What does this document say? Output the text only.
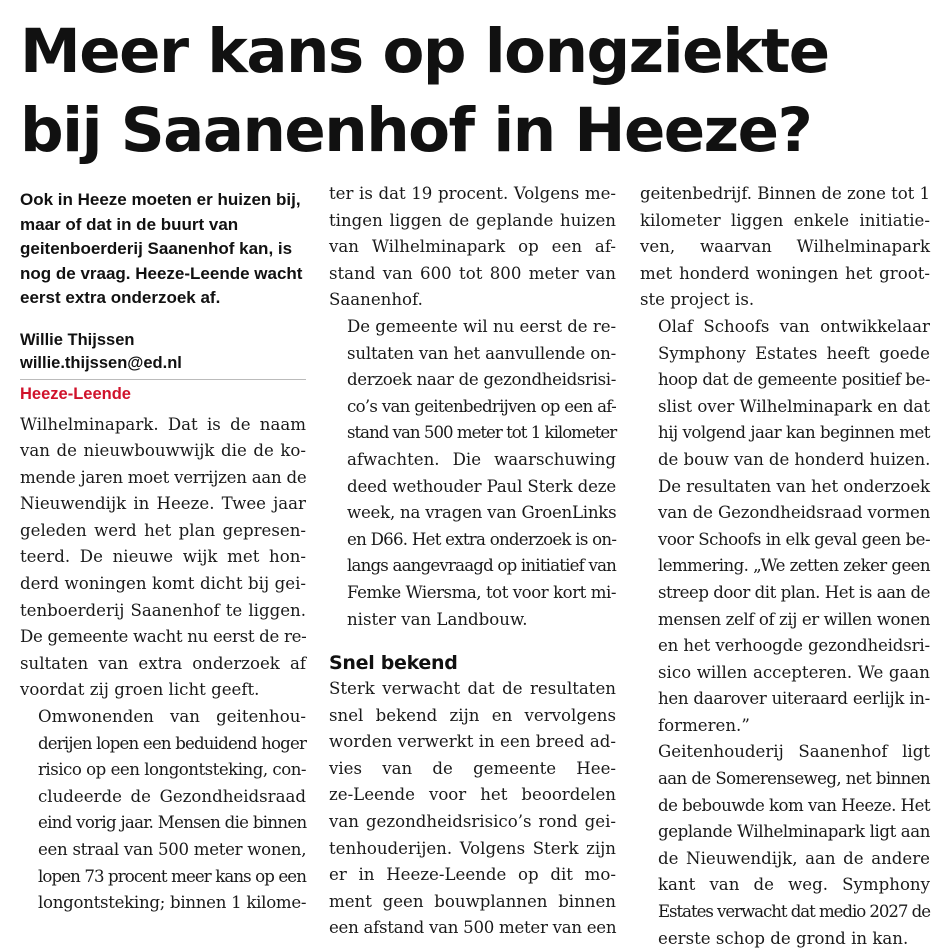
Meer kans op longziekte
bij Saanenhof in Heeze?
Ook in Heeze moeten er huizen bij, maar of dat in de buurt van geitenboerderij Saanenhof kan, is nog de vraag. Heeze-Leende wacht eerst extra onderzoek af.
Willie Thijssen
willie.thijssen@ed.nl
Heeze-Leende

Wilhelminapark. Dat is de naam
van de nieuwbouwwijk die de ko-
mende jaren moet verrijzen aan de
Nieuwendijk in Heeze. Twee jaar
geleden werd het plan gepresen-
teerd. De nieuwe wijk met hon-
derd woningen komt dicht bij gei-
tenboerderij Saanenhof te liggen.
De gemeente wacht nu eerst de re-
sultaten van extra onderzoek af
voordat zij groen licht geeft.

Omwonenden van geitenhou-
derijen lopen een beduidend hoger
risico op een longontsteking, con-
cludeerde de Gezondheidsraad
eind vorig jaar. Mensen die binnen
een straal van 500 meter wonen,
lopen 73 procent meer kans op een
longontsteking; binnen 1 kilome-

ter is dat 19 procent. Volgens me-
tingen liggen de geplande huizen
van Wilhelminapark op een af-
stand van 600 tot 800 meter van
Saanenhof.

De gemeente wil nu eerst de re-
sultaten van het aanvullende on-
derzoek naar de gezondheidsrisi-
co’s van geitenbedrijven op een af-
stand van 500 meter tot 1 kilometer
afwachten. Die waarschuwing
deed wethouder Paul Sterk deze
week, na vragen van GroenLinks
en D66. Het extra onderzoek is on-
langs aangevraagd op initiatief van
Femke Wiersma, tot voor kort mi-
nister van Landbouw.

Snel bekend

Sterk verwacht dat de resultaten
snel bekend zijn en vervolgens
worden verwerkt in een breed ad-
vies van de gemeente Hee-
ze-Leende voor het beoordelen
van gezondheidsrisico’s rond gei-
tenhouderijen. Volgens Sterk zijn
er in Heeze-Leende op dit mo-
ment geen bouwplannen binnen
een afstand van 500 meter van een

geitenbedrijf. Binnen de zone tot 1
kilometer liggen enkele initiatie-
ven, waarvan Wilhelminapark
met honderd woningen het groot-
ste project is.

Olaf Schoofs van ontwikkelaar
Symphony Estates heeft goede
hoop dat de gemeente positief be-
slist over Wilhelminapark en dat
hij volgend jaar kan beginnen met
de bouw van de honderd huizen.

De resultaten van het onderzoek
van de Gezondheidsraad vormen
voor Schoofs in elk geval geen be-
lemmering. „We zetten zeker geen
streep door dit plan. Het is aan de
mensen zelf of zij er willen wonen
en het verhoogde gezondheidsri-
sico willen accepteren. We gaan
hen daarover uiteraard eerlijk in-
formeren.”

Geitenhouderij Saanenhof ligt
aan de Somerenseweg, net binnen
de bebouwde kom van Heeze. Het
geplande Wilhelminapark ligt aan
de Nieuwendijk, aan de andere
kant van de weg. Symphony
Estates verwacht dat medio 2027 de
eerste schop de grond in kan.
